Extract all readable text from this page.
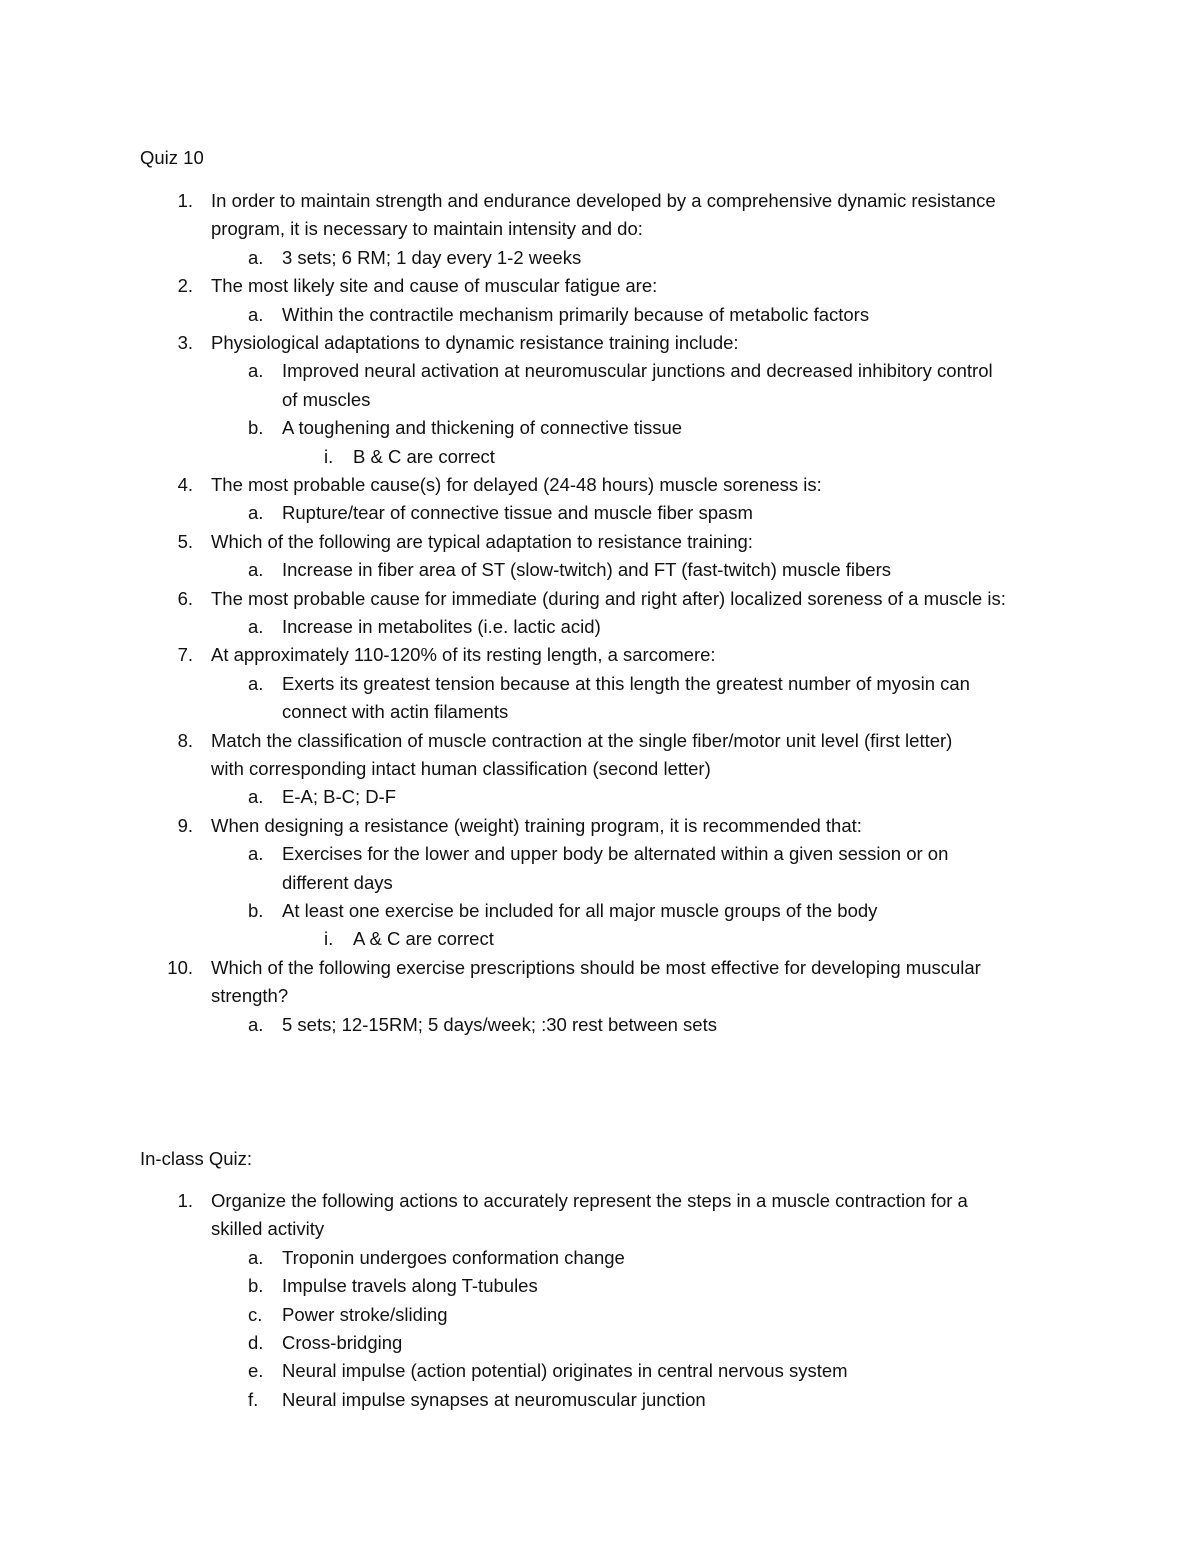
Quiz 10
1. In order to maintain strength and endurance developed by a comprehensive dynamic resistance
program, it is necessary to maintain intensity and do:
a. 3 sets; 6 RM; 1 day every 1-2 weeks
2. The most likely site and cause of muscular fatigue are:
a. Within the contractile mechanism primarily because of metabolic factors
3. Physiological adaptations to dynamic resistance training include:
a. Improved neural activation at neuromuscular junctions and decreased inhibitory control
of muscles
b. A toughening and thickening of connective tissue
i. B & C are correct
4. The most probable cause(s) for delayed (24-48 hours) muscle soreness is:
a. Rupture/tear of connective tissue and muscle fiber spasm
5. Which of the following are typical adaptation to resistance training:
a. Increase in fiber area of ST (slow-twitch) and FT (fast-twitch) muscle fibers
6. The most probable cause for immediate (during and right after) localized soreness of a muscle is:
a. Increase in metabolites (i.e. lactic acid)
7. At approximately 110-120% of its resting length, a sarcomere:
a. Exerts its greatest tension because at this length the greatest number of myosin can
connect with actin filaments
8. Match the classification of muscle contraction at the single fiber/motor unit level (first letter)
with corresponding intact human classification (second letter)
a. E-A; B-C; D-F
9. When designing a resistance (weight) training program, it is recommended that:
a. Exercises for the lower and upper body be alternated within a given session or on
different days
b. At least one exercise be included for all major muscle groups of the body
i. A & C are correct
10. Which of the following exercise prescriptions should be most effective for developing muscular
strength?
a. 5 sets; 12-15RM; 5 days/week; :30 rest between sets
In-class Quiz:
1. Organize the following actions to accurately represent the steps in a muscle contraction for a
skilled activity
a. Troponin undergoes conformation change
b. Impulse travels along T-tubules
c. Power stroke/sliding
d. Cross-bridging
e. Neural impulse (action potential) originates in central nervous system
f. Neural impulse synapses at neuromuscular junction
